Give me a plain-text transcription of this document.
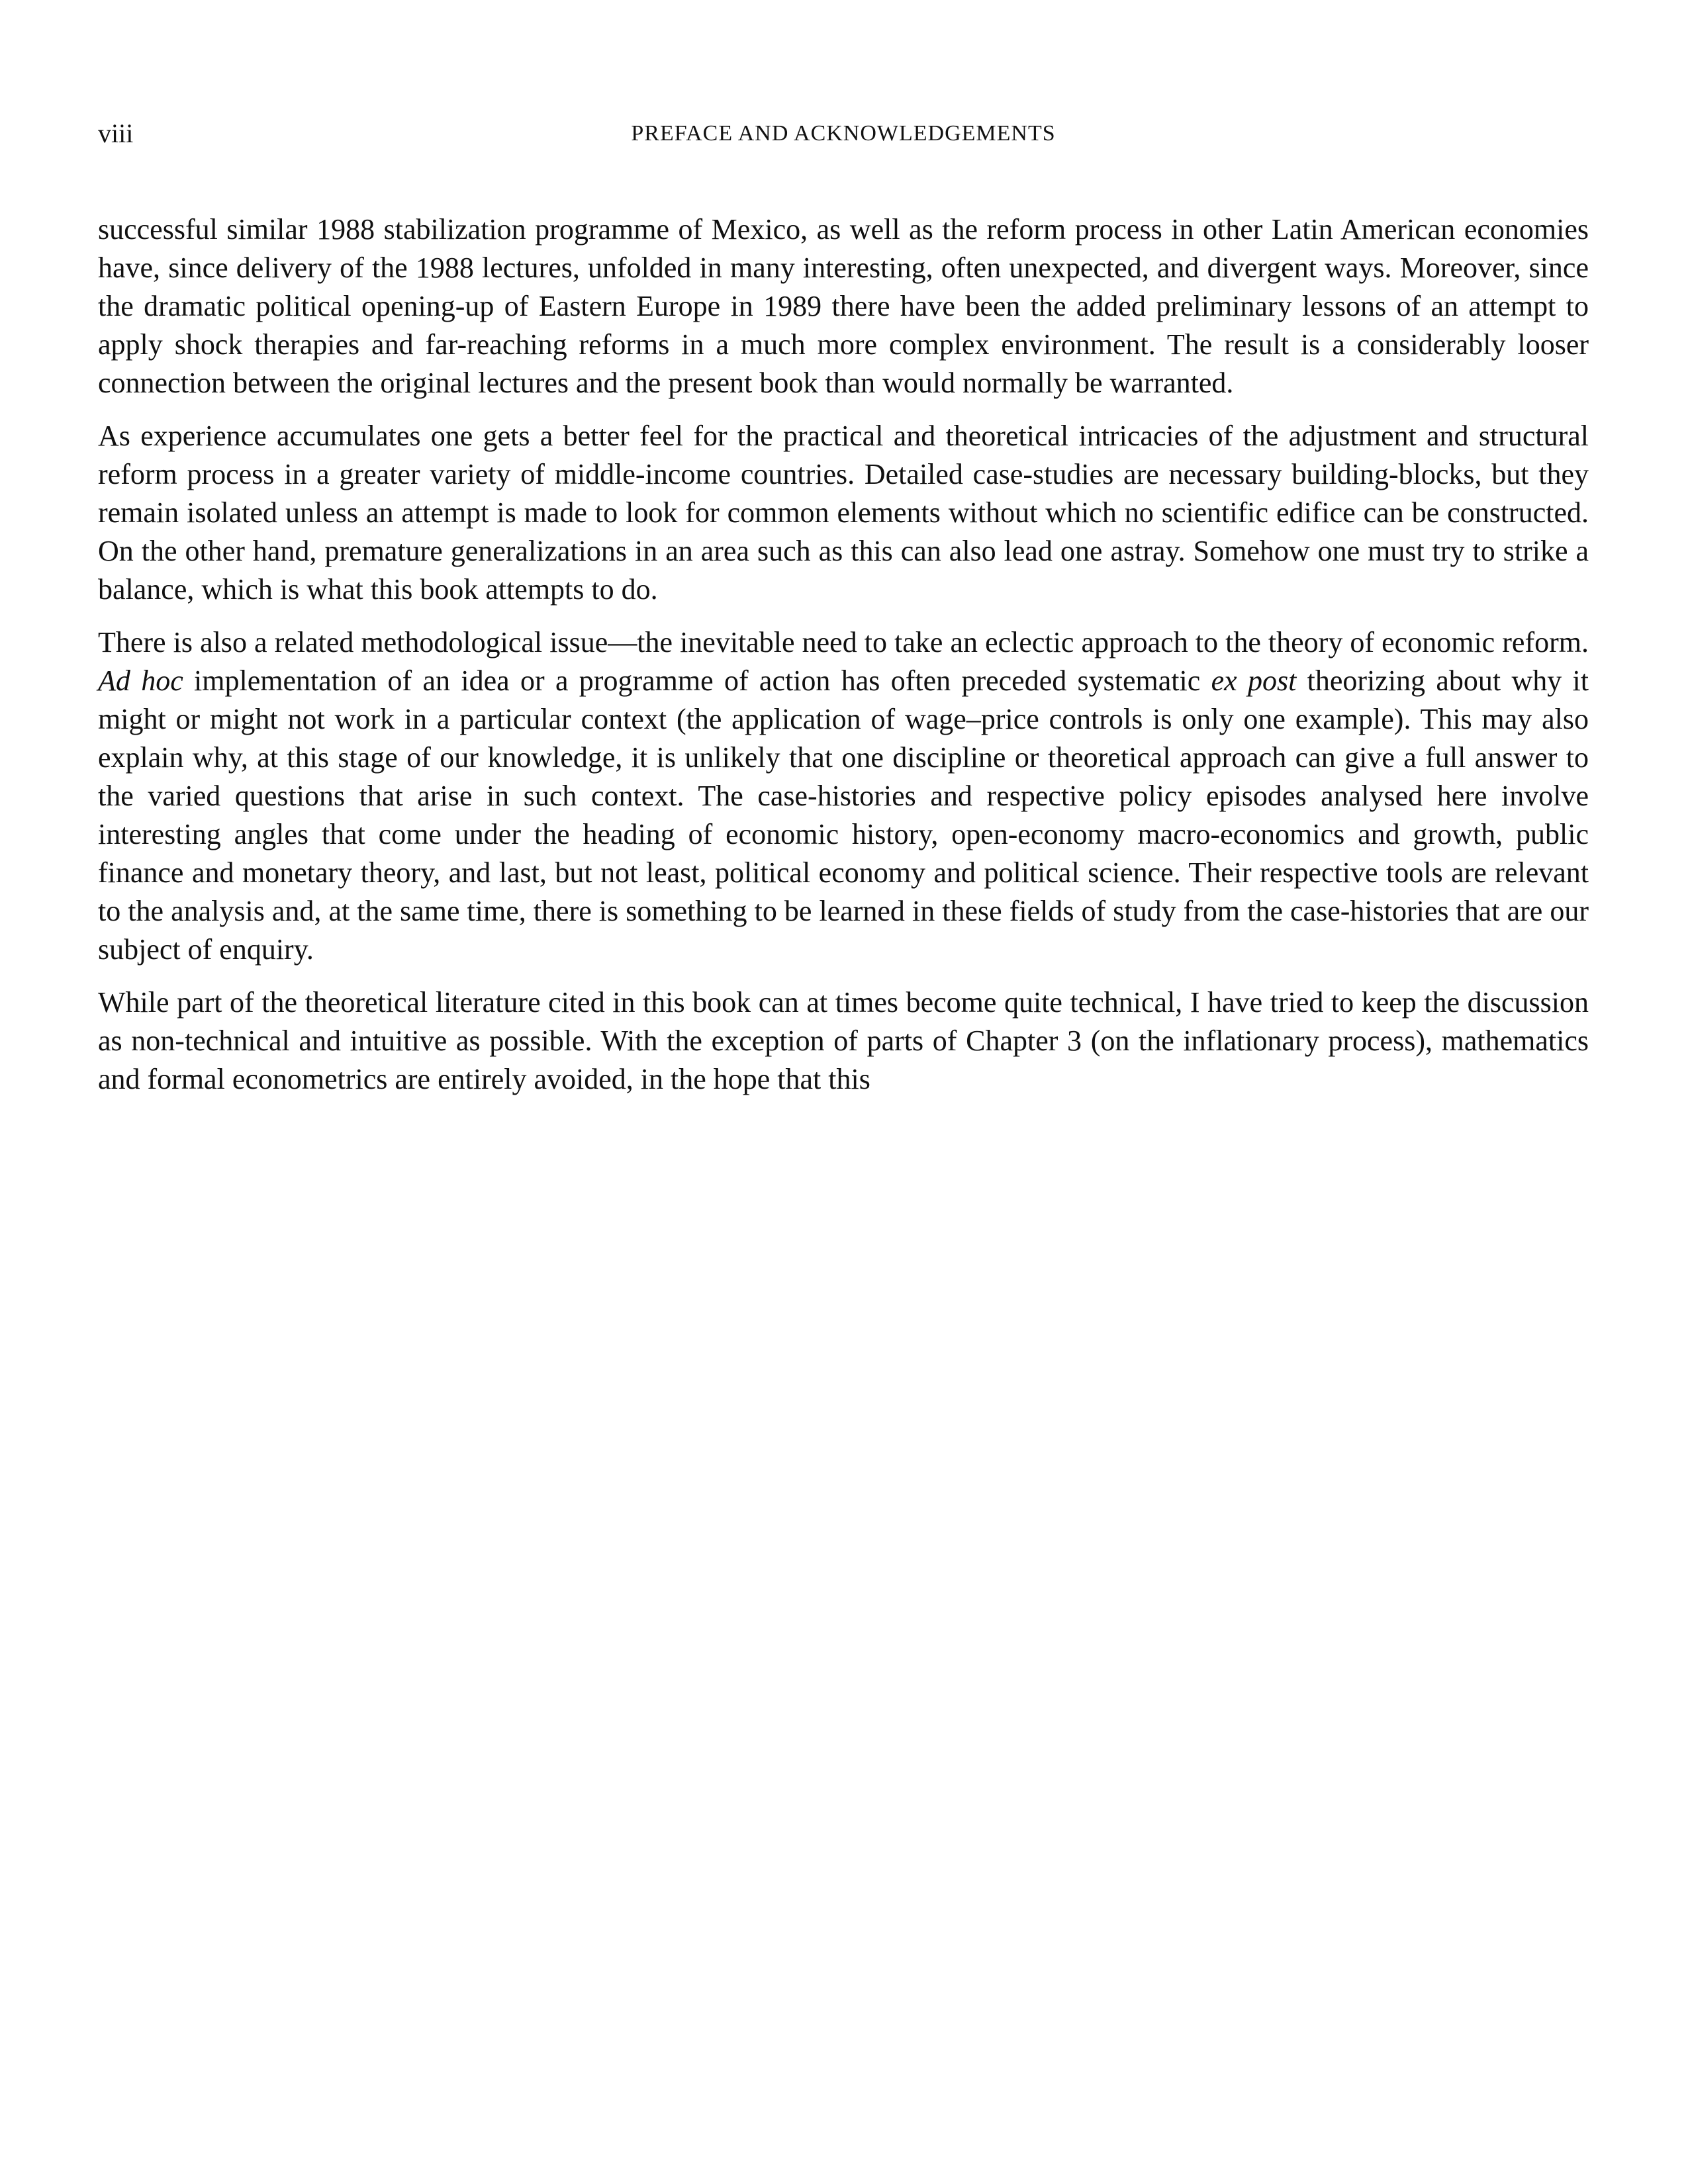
viii	PREFACE AND ACKNOWLEDGEMENTS

successful similar 1988 stabilization programme of Mexico, as well as the reform process in other Latin American economies have, since delivery of the 1988 lectures, unfolded in many interesting, often unexpected, and divergent ways. Moreover, since the dramatic political opening-up of Eastern Europe in 1989 there have been the added preliminary lessons of an attempt to apply shock therapies and far-reaching reforms in a much more complex environment. The result is a considerably looser connection between the original lectures and the present book than would normally be warranted.

As experience accumulates one gets a better feel for the practical and theoretical intricacies of the adjustment and structural reform process in a greater variety of middle-income countries. Detailed case-studies are necessary building-blocks, but they remain isolated unless an attempt is made to look for common elements without which no scientific edifice can be constructed. On the other hand, premature generalizations in an area such as this can also lead one astray. Somehow one must try to strike a balance, which is what this book attempts to do.

There is also a related methodological issue—the inevitable need to take an eclectic approach to the theory of economic reform. Ad hoc implementation of an idea or a programme of action has often preceded systematic ex post theorizing about why it might or might not work in a particular context (the application of wage–price controls is only one example). This may also explain why, at this stage of our knowledge, it is unlikely that one discipline or theoretical approach can give a full answer to the varied questions that arise in such context. The case-histories and respective policy episodes analysed here involve interesting angles that come under the heading of economic history, open-economy macro-economics and growth, public finance and monetary theory, and last, but not least, political economy and political science. Their respective tools are relevant to the analysis and, at the same time, there is something to be learned in these fields of study from the case-histories that are our subject of enquiry.

While part of the theoretical literature cited in this book can at times become quite technical, I have tried to keep the discussion as non-technical and intuitive as possible. With the exception of parts of Chapter 3 (on the inflationary process), mathematics and formal econometrics are entirely avoided, in the hope that this
